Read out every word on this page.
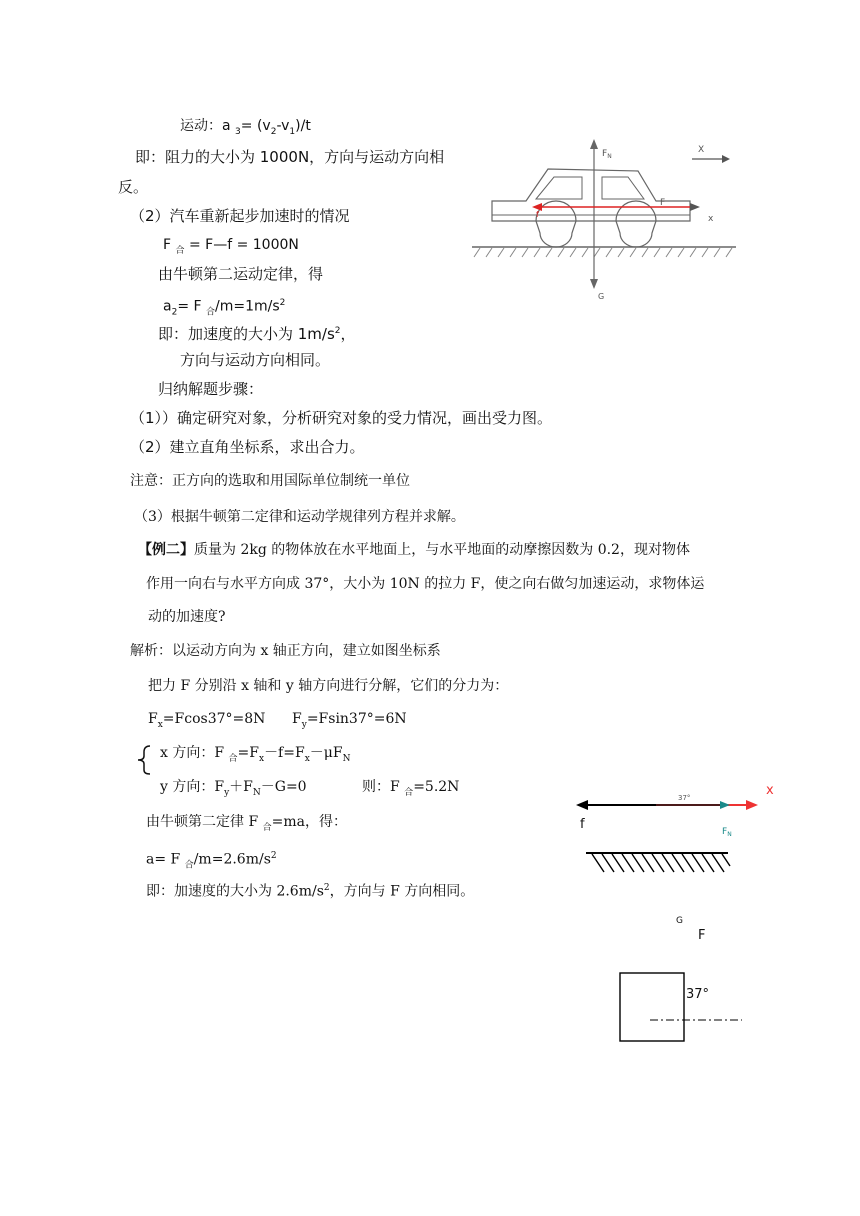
运动：a $_3= (v_2-v_1)/t$
即：阻力的大小为 1000N，方向与运动方向相
反。
（2）汽车重新起步加速时的情况
F $_合$ = F—f = 1000N
由牛顿第二运动定律，得
$a_2= F$ $_合/m=1m/s^2$
即：加速度的大小为 $1m/s^2$，
方向与运动方向相同。
归纳解题步骤：
（1））确定研究对象，分析研究对象的受力情况，画出受力图。
（2）建立直角坐标系，求出合力。
注意：正方向的选取和用国际单位制统一单位
（3）根据牛顿第二定律和运动学规律列方程并求解。
【例二】质量为 2kg 的物体放在水平地面上，与水平地面的动摩擦因数为 0.2，现对物体
作用一向右与水平方向成 37°，大小为 10N 的拉力 F，使之向右做匀加速运动，求物体运
动的加速度?
解析：以运动方向为 x 轴正方向，建立如图坐标系
把力 F 分别沿 x 轴和 y 轴方向进行分解，它们的分力为：
$F_x=Fcos37^\circ=8N$ $F_y=Fsin37^\circ=6N$
x 方向：F $_合=F_x-f=F_x-\mu F_N$
y 方向：$F_y+F_N-G=0$	则：F $_合$=5.2N
由牛顿第二定律 F $_合$=ma，得：
a= F $_合/m=2.6m/s^2$
即：加速度的大小为 $2.6m/s^2$，方向与 F 方向相同。
$F_N$
G
X
f
F
x
37°	x
f	$F_N$
G
F
37°
